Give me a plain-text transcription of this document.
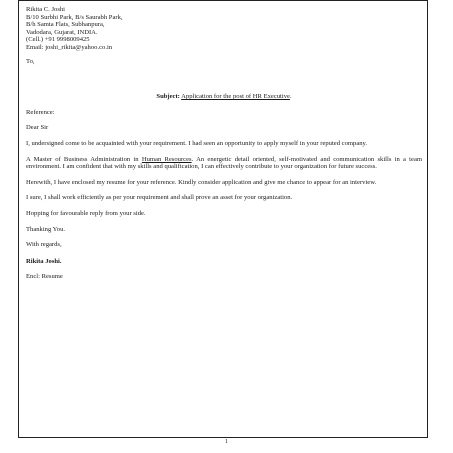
Rikita C. Joshi
B/10 Surbhi Park, B/s Saurabh Park,
B/h Samta Flats, Subhanpura,
Vadodara, Gujarat, INDIA.
(Cell.) +91 9998009425
Email: joshi_rikita@yahoo.co.in
To,
Subject: Application for the post of HR Executive.
Reference:
Dear Sir
I, undersigned come to be acquainted with your requirement. I had seen an opportunity to apply myself in your reputed company.
A Master of Business Administration in Human Resources. An energetic detail oriented, self-motivated and communication skills in a team environment. I am confident that with my skills and qualification, I can effectively contribute to your organization for future success.
Herewith, I have enclosed my resume for your reference. Kindly consider application and give me chance to appear for an interview.
I sure, I shall work efficiently as per your requirement and shall prove an asset for your organization.
Hopping for favourable reply from your side.
Thanking You.
With regards,
Rikita Joshi.
Encl: Resume
1
